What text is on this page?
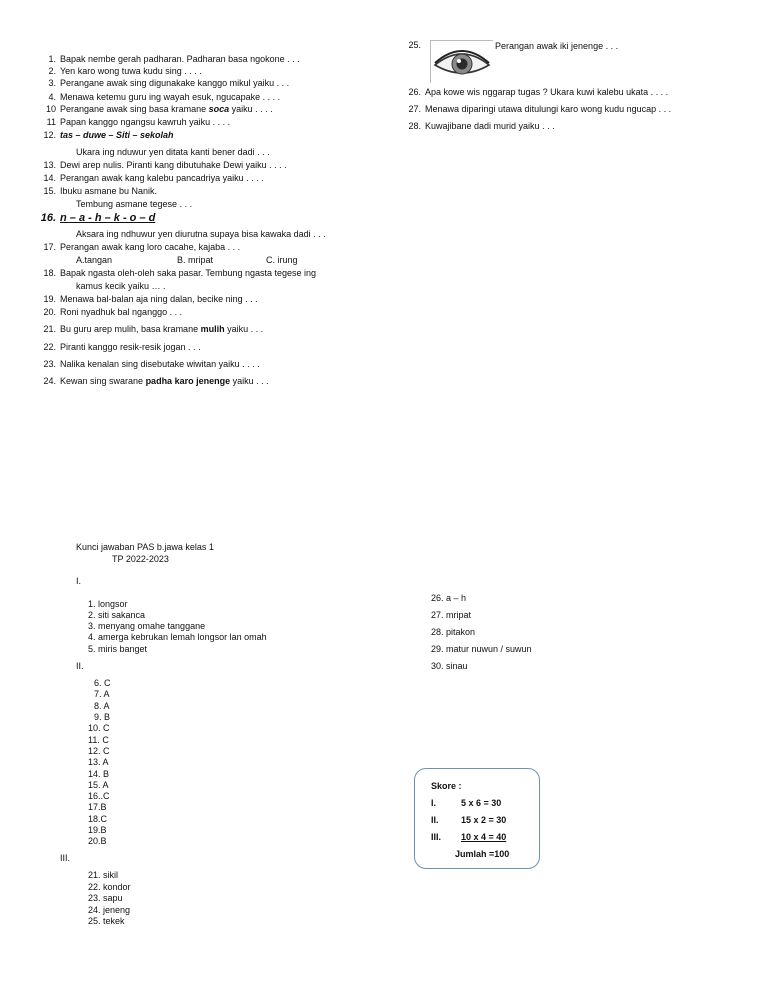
1. Bapak nembe gerah padharan. Padharan basa ngokone . . .
2. Yen karo wong tuwa kudu sing . . . .
3. Perangane awak sing digunakake kanggo mikul yaiku . . .
4. Menawa ketemu guru ing wayah esuk, ngucapake . . . .
10 Perangane awak sing basa kramane soca yaiku . . . .
11 Papan kanggo ngangsu kawruh yaiku . . . .
12. tas – duwe – Siti – sekolah
Ukara ing nduwur yen ditata kanti bener dadi . . .
13. Dewi arep nulis. Piranti kang dibutuhake Dewi yaiku . . . .
14. Perangan awak kang kalebu pancadriya yaiku . . . .
15. Ibuku asmane bu Nanik.
Tembung asmane tegese . . .
16. n – a - h – k - o – d
Aksara ing ndhuwur yen diurutna supaya bisa kawaka dadi . . .
17. Perangan awak kang loro cacahe, kajaba . . .
A.tangan	B. mripat	C. irung
18. Bapak ngasta oleh-oleh saka pasar. Tembung ngasta tegese ing
kamus kecik yaiku … .
19. Menawa bal-balan aja ning dalan, becike ning . . .
20. Roni nyadhuk bal nganggo . . .
21. Bu guru arep mulih, basa kramane mulih yaiku . . .
22. Piranti kanggo resik-resik jogan . . .
23. Nalika kenalan sing disebutake wiwitan yaiku . . . .
24. Kewan sing swarane padha karo jenenge yaiku . . .
25.	Perangan awak iki jenenge . . .
26. Apa kowe wis nggarap tugas ? Ukara kuwi kalebu ukata . . . .
27. Menawa diparingi utawa ditulungi karo wong kudu ngucap . . .
28. Kuwajibane dadi murid yaiku . . .
Kunci jawaban PAS b.jawa kelas 1
TP 2022-2023
I.
1. longsor
2. siti sakanca
3. menyang omahe tanggane
4. amerga kebrukan lemah longsor lan omah
5. miris banget
II.
6. C
7. A
8. A
9. B
10. C
11. C
12. C
13. A
14. B
15. A
16..C
17.B
18.C
19.B
20.B
III.
21. sikil
22. kondor
23. sapu
24. jeneng
25. tekek
26. a – h
27. mripat
28. pitakon
29. matur nuwun / suwun
30. sinau
Skore :
I.	5 x 6 = 30
II. 15 x 2 = 30
III. 10 x 4 = 40
Jumlah =100
